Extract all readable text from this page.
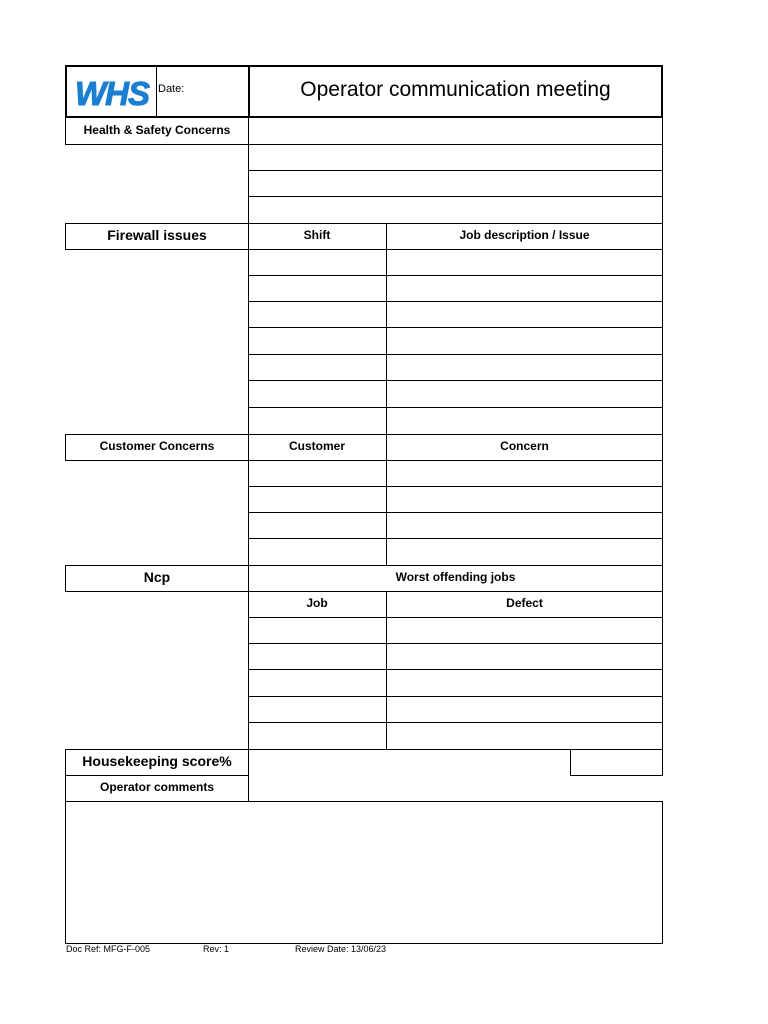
WHS Date:	Operator communication meeting
Health & Safety Concerns
Firewall issues	Shift	Job description / Issue
Customer Concerns	Customer	Concern
Ncp	Worst offending jobs
Job	Defect
Housekeeping score%
Operator comments
Doc Ref: MFG-F-005	Rev: 1	Review Date: 13/06/23
